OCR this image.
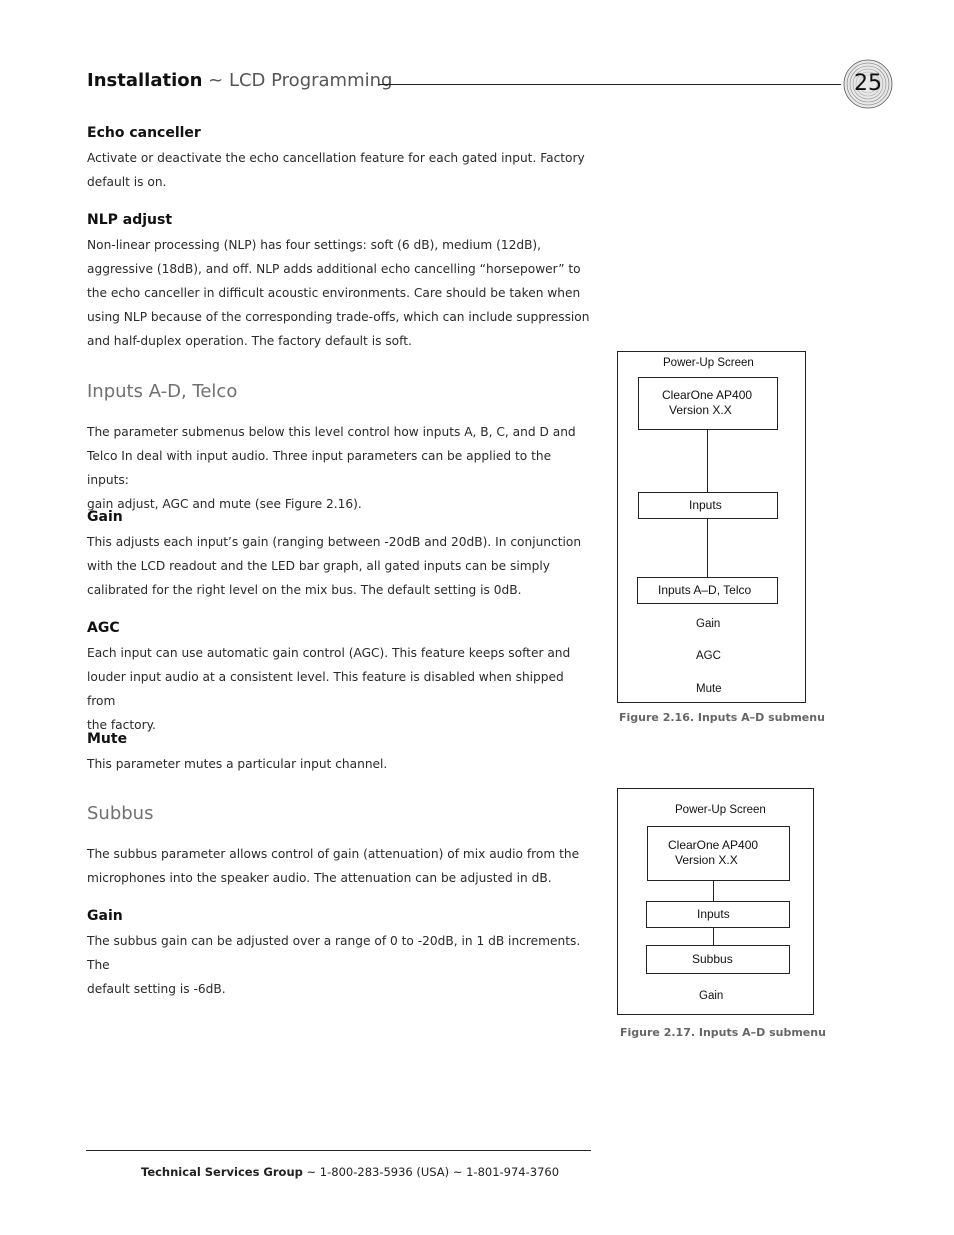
Installation ~ LCD Programming	25
Echo canceller
Activate or deactivate the echo cancellation feature for each gated input. Factory
default is on.
NLP adjust
Non-linear processing (NLP) has four settings: soft (6 dB), medium (12dB),
aggressive (18dB), and off. NLP adds additional echo cancelling “horsepower” to
the echo canceller in difficult acoustic environments. Care should be taken when
using NLP because of the corresponding trade-offs, which can include suppression
and half-duplex operation. The factory default is soft.
Inputs A-D, Telco
The parameter submenus below this level control how inputs A, B, C, and D and
Telco In deal with input audio. Three input parameters can be applied to the inputs:
gain adjust, AGC and mute (see Figure 2.16).
Gain
This adjusts each input’s gain (ranging between -20dB and 20dB). In conjunction
with the LCD readout and the LED bar graph, all gated inputs can be simply
calibrated for the right level on the mix bus. The default setting is 0dB.
AGC
Each input can use automatic gain control (AGC). This feature keeps softer and
louder input audio at a consistent level. This feature is disabled when shipped from
the factory.
Mute
This parameter mutes a particular input channel.
Subbus
The subbus parameter allows control of gain (attenuation) of mix audio from the
microphones into the speaker audio. The attenuation can be adjusted in dB.
Gain
The subbus gain can be adjusted over a range of 0 to -20dB, in 1 dB increments. The
default setting is -6dB.
Power-Up Screen
ClearOne AP400
Version X.X
Inputs
Inputs A–D, Telco
Gain
AGC
Mute
Figure 2.16. Inputs A–D submenu
Power-Up Screen
ClearOne AP400
Version X.X
Inputs
Subbus
Gain
Figure 2.17. Inputs A–D submenu
Technical Services Group ~ 1-800-283-5936 (USA) ~ 1-801-974-3760
